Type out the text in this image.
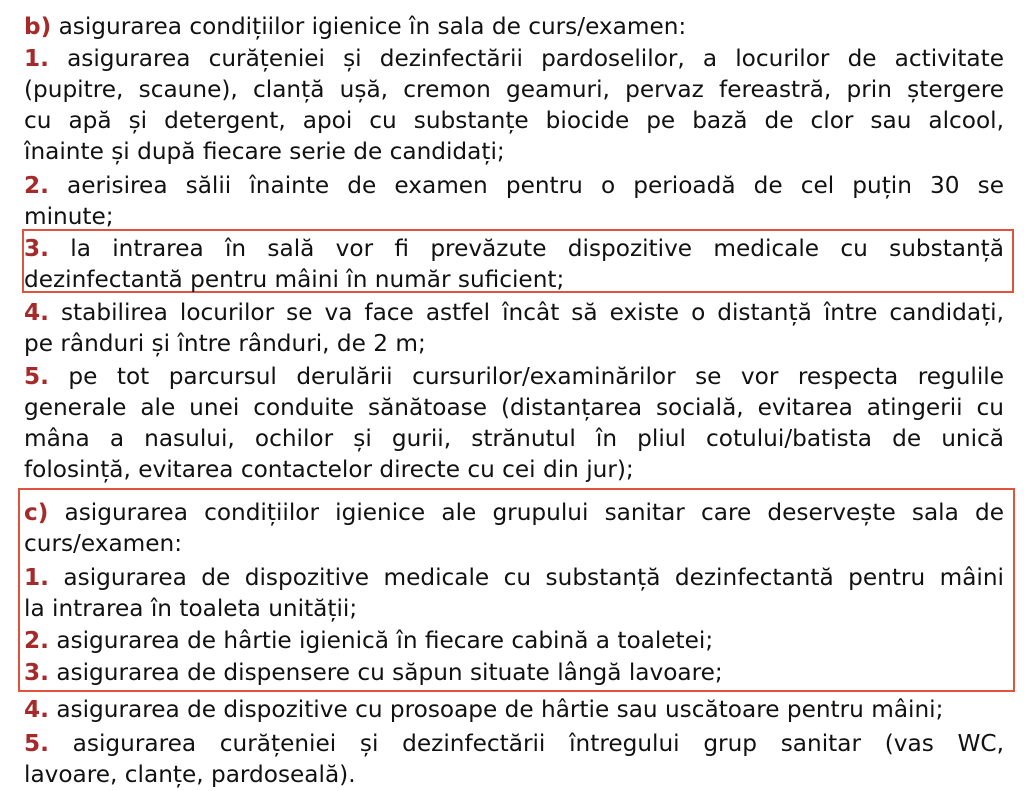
b) asigurarea condițiilor igienice în sala de curs/examen:
1. asigurarea curățeniei și dezinfectării pardoselilor, a locurilor de activitate
(pupitre, scaune), clanță ușă, cremon geamuri, pervaz fereastră, prin ștergere
cu apă și detergent, apoi cu substanțe biocide pe bază de clor sau alcool,
înainte și după fiecare serie de candidați;
2. aerisirea sălii înainte de examen pentru o perioadă de cel puțin 30 se
minute;
3. la intrarea în sală vor fi prevăzute dispozitive medicale cu substanță
dezinfectantă pentru mâini în număr suficient;
4. stabilirea locurilor se va face astfel încât să existe o distanță între candidați,
pe rânduri și între rânduri, de 2 m;
5. pe tot parcursul derulării cursurilor/examinărilor se vor respecta regulile
generale ale unei conduite sănătoase (distanțarea socială, evitarea atingerii cu
mâna a nasului, ochilor și gurii, strănutul în pliul cotului/batista de unică
folosință, evitarea contactelor directe cu cei din jur);
c) asigurarea condițiilor igienice ale grupului sanitar care deservește sala de
curs/examen:
1. asigurarea de dispozitive medicale cu substanță dezinfectantă pentru mâini
la intrarea în toaleta unității;
2. asigurarea de hârtie igienică în fiecare cabină a toaletei;
3. asigurarea de dispensere cu săpun situate lângă lavoare;
4. asigurarea de dispozitive cu prosoape de hârtie sau uscătoare pentru mâini;
5. asigurarea curățeniei și dezinfectării întregului grup sanitar (vas WC,
lavoare, clanțe, pardoseală).
